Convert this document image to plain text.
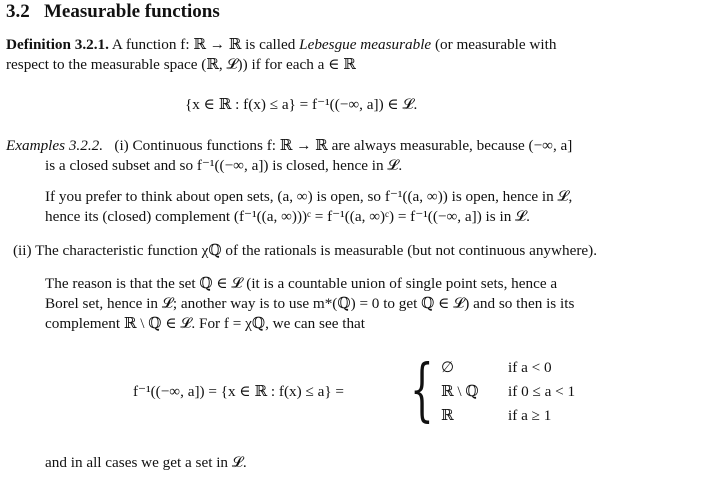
3.2 Measurable functions
Definition 3.2.1. A function f: ℝ → ℝ is called Lebesgue measurable (or measurable with
respect to the measurable space (ℝ, 𝓛)) if for each a ∈ ℝ
{x ∈ ℝ : f(x) ≤ a} = f⁻¹((−∞, a]) ∈ 𝓛.
Examples 3.2.2. (i) Continuous functions f: ℝ → ℝ are always measurable, because (−∞, a]
is a closed subset and so f⁻¹((−∞, a]) is closed, hence in 𝓛.
If you prefer to think about open sets, (a, ∞) is open, so f⁻¹((a, ∞)) is open, hence in 𝓛,
hence its (closed) complement (f⁻¹((a, ∞)))ᶜ = f⁻¹((a, ∞)ᶜ) = f⁻¹((−∞, a]) is in 𝓛.
(ii) The characteristic function χℚ of the rationals is measurable (but not continuous anywhere).
The reason is that the set ℚ ∈ 𝓛 (it is a countable union of single point sets, hence a
Borel set, hence in 𝓛; another way is to use m*(ℚ) = 0 to get ℚ ∈ 𝓛) and so then is its
complement ℝ \ ℚ ∈ 𝓛. For f = χℚ, we can see that
f⁻¹((−∞, a]) = {x ∈ ℝ : f(x) ≤ a} = { ∅	if a < 0
ℝ \ ℚ if 0 ≤ a < 1
ℝ	if a ≥ 1
and in all cases we get a set in 𝓛.
